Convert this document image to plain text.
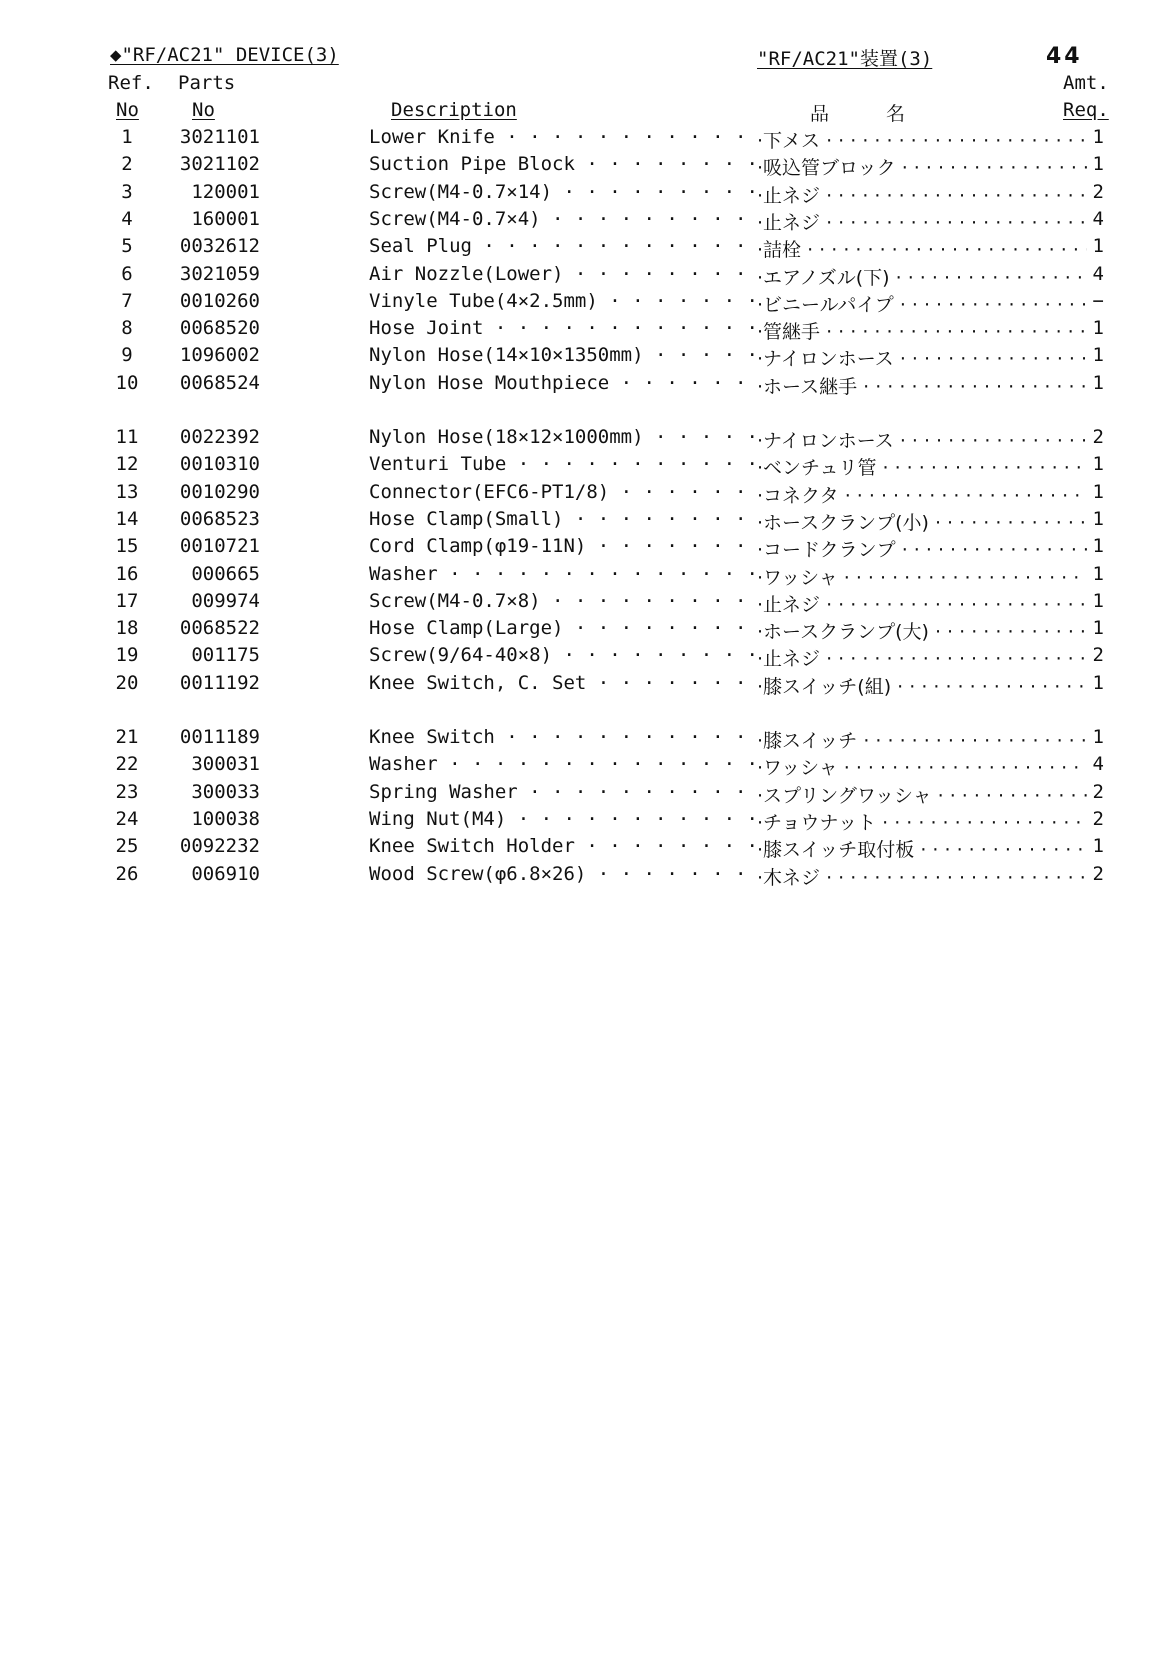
◆"RF/AC21" DEVICE(3)	"RF/AC21"装置(3)	44
Ref.
No
Parts
No	Description	品　　　名
Amt.
Req.
1	3021101	Lower Knife · · ·	· 下メス · · ·	1
2	3021102	Suction Pipe Block · · ·	· 吸込管ブロック · · ·	1
3	120001	Screw(M4-0.7×14) · · ·	· 止ネジ · · ·	2
4	160001	Screw(M4-0.7×4) · · ·	· 止ネジ · · ·	4
5	0032612	Seal Plug · · ·	· 詰栓 · · ·	1
6	3021059	Air Nozzle(Lower) · · ·	· エアノズル(下) · · ·	4
7	0010260	Vinyle Tube(4×2.5mm) · · ·	· ビニールパイプ · · ·	−
8	0068520	Hose Joint · · ·	· 管継手 · · ·	1
9	1096002	Nylon Hose(14×10×1350mm) · · ·	· ナイロンホース · · ·	1
10 0068524	Nylon Hose Mouthpiece · · ·	· ホース継手 · · ·	1
11 0022392	Nylon Hose(18×12×1000mm) · · ·	· ナイロンホース · · ·	2
12 0010310	Venturi Tube · · ·	· ベンチュリ管 · · ·	1
13 0010290	Connector(EFC6-PT1/8) · · ·	· コネクタ · · ·	1
14 0068523	Hose Clamp(Small) · · ·	· ホースクランプ(小) · · ·	1
15 0010721	Cord Clamp(φ19-11N) · · ·	· コードクランプ · · ·	1
16	000665	Washer · · ·	· ワッシャ · · ·	1
17	009974	Screw(M4-0.7×8) · · ·	· 止ネジ · · ·	1
18 0068522	Hose Clamp(Large) · · ·	· ホースクランプ(大) · · ·	1
19	001175	Screw(9/64-40×8) · · ·	· 止ネジ · · ·	2
20 0011192	Knee Switch, C. Set · · ·	· 膝スイッチ(組) · · ·	1
21 0011189	Knee Switch · · ·	· 膝スイッチ · · ·	1
22	300031	Washer · · ·	· ワッシャ · · ·	4
23	300033	Spring Washer · · ·	· スプリングワッシャ · · ·	2
24	100038	Wing Nut(M4) · · ·	· チョウナット · · ·	2
25 0092232	Knee Switch Holder · · ·	· 膝スイッチ取付板 · · ·	1
26	006910	Wood Screw(φ6.8×26) · · ·	· 木ネジ · · ·	2
